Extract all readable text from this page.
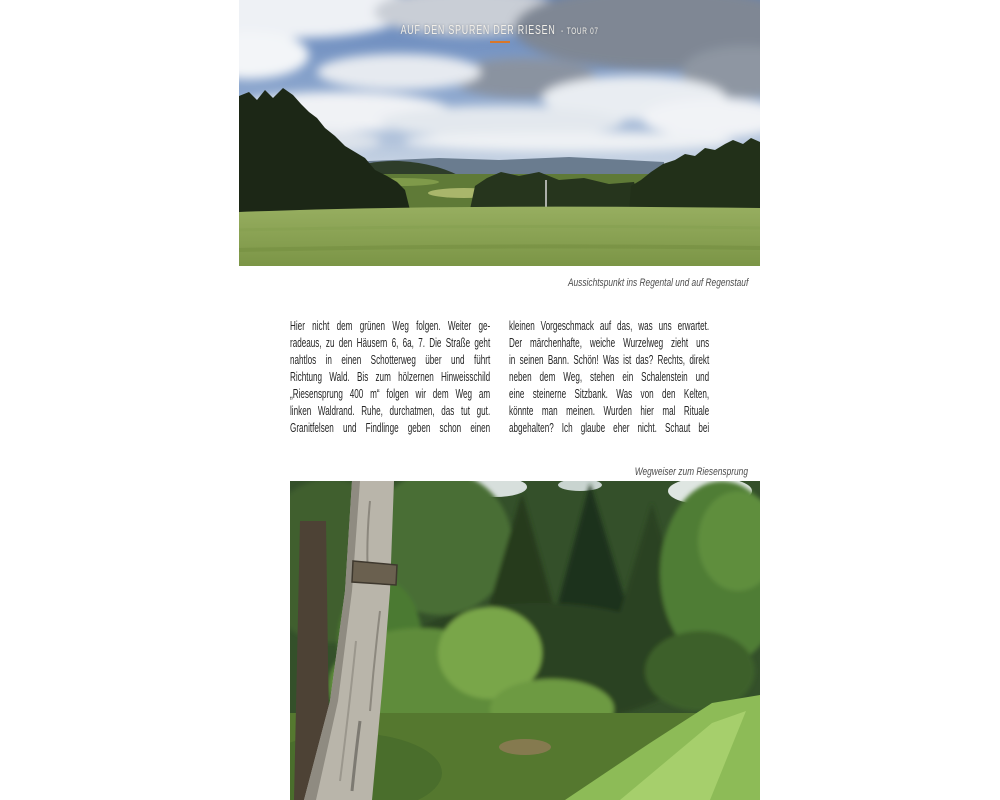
AUF DEN SPUREN DER RIESEN - TOUR 07
Aussichtspunkt ins Regental und auf Regenstauf
Hier nicht dem grünen Weg folgen. Weiter ge-
radeaus, zu den Häusern 6, 6a, 7. Die Straße geht
nahtlos in einen Schotterweg über und führt
Richtung Wald. Bis zum hölzernen Hinweisschild
„Riesensprung 400 m“ folgen wir dem Weg am
linken Waldrand. Ruhe, durchatmen, das tut gut.
Granitfelsen und Findlinge geben schon einen
kleinen Vorgeschmack auf das, was uns erwartet.
Der märchenhafte, weiche Wurzelweg zieht uns
in seinen Bann. Schön! Was ist das? Rechts, direkt
neben dem Weg, stehen ein Schalenstein und
eine steinerne Sitzbank. Was von den Kelten,
könnte man meinen. Wurden hier mal Rituale
abgehalten? Ich glaube eher nicht. Schaut bei
Wegweiser zum Riesensprung
